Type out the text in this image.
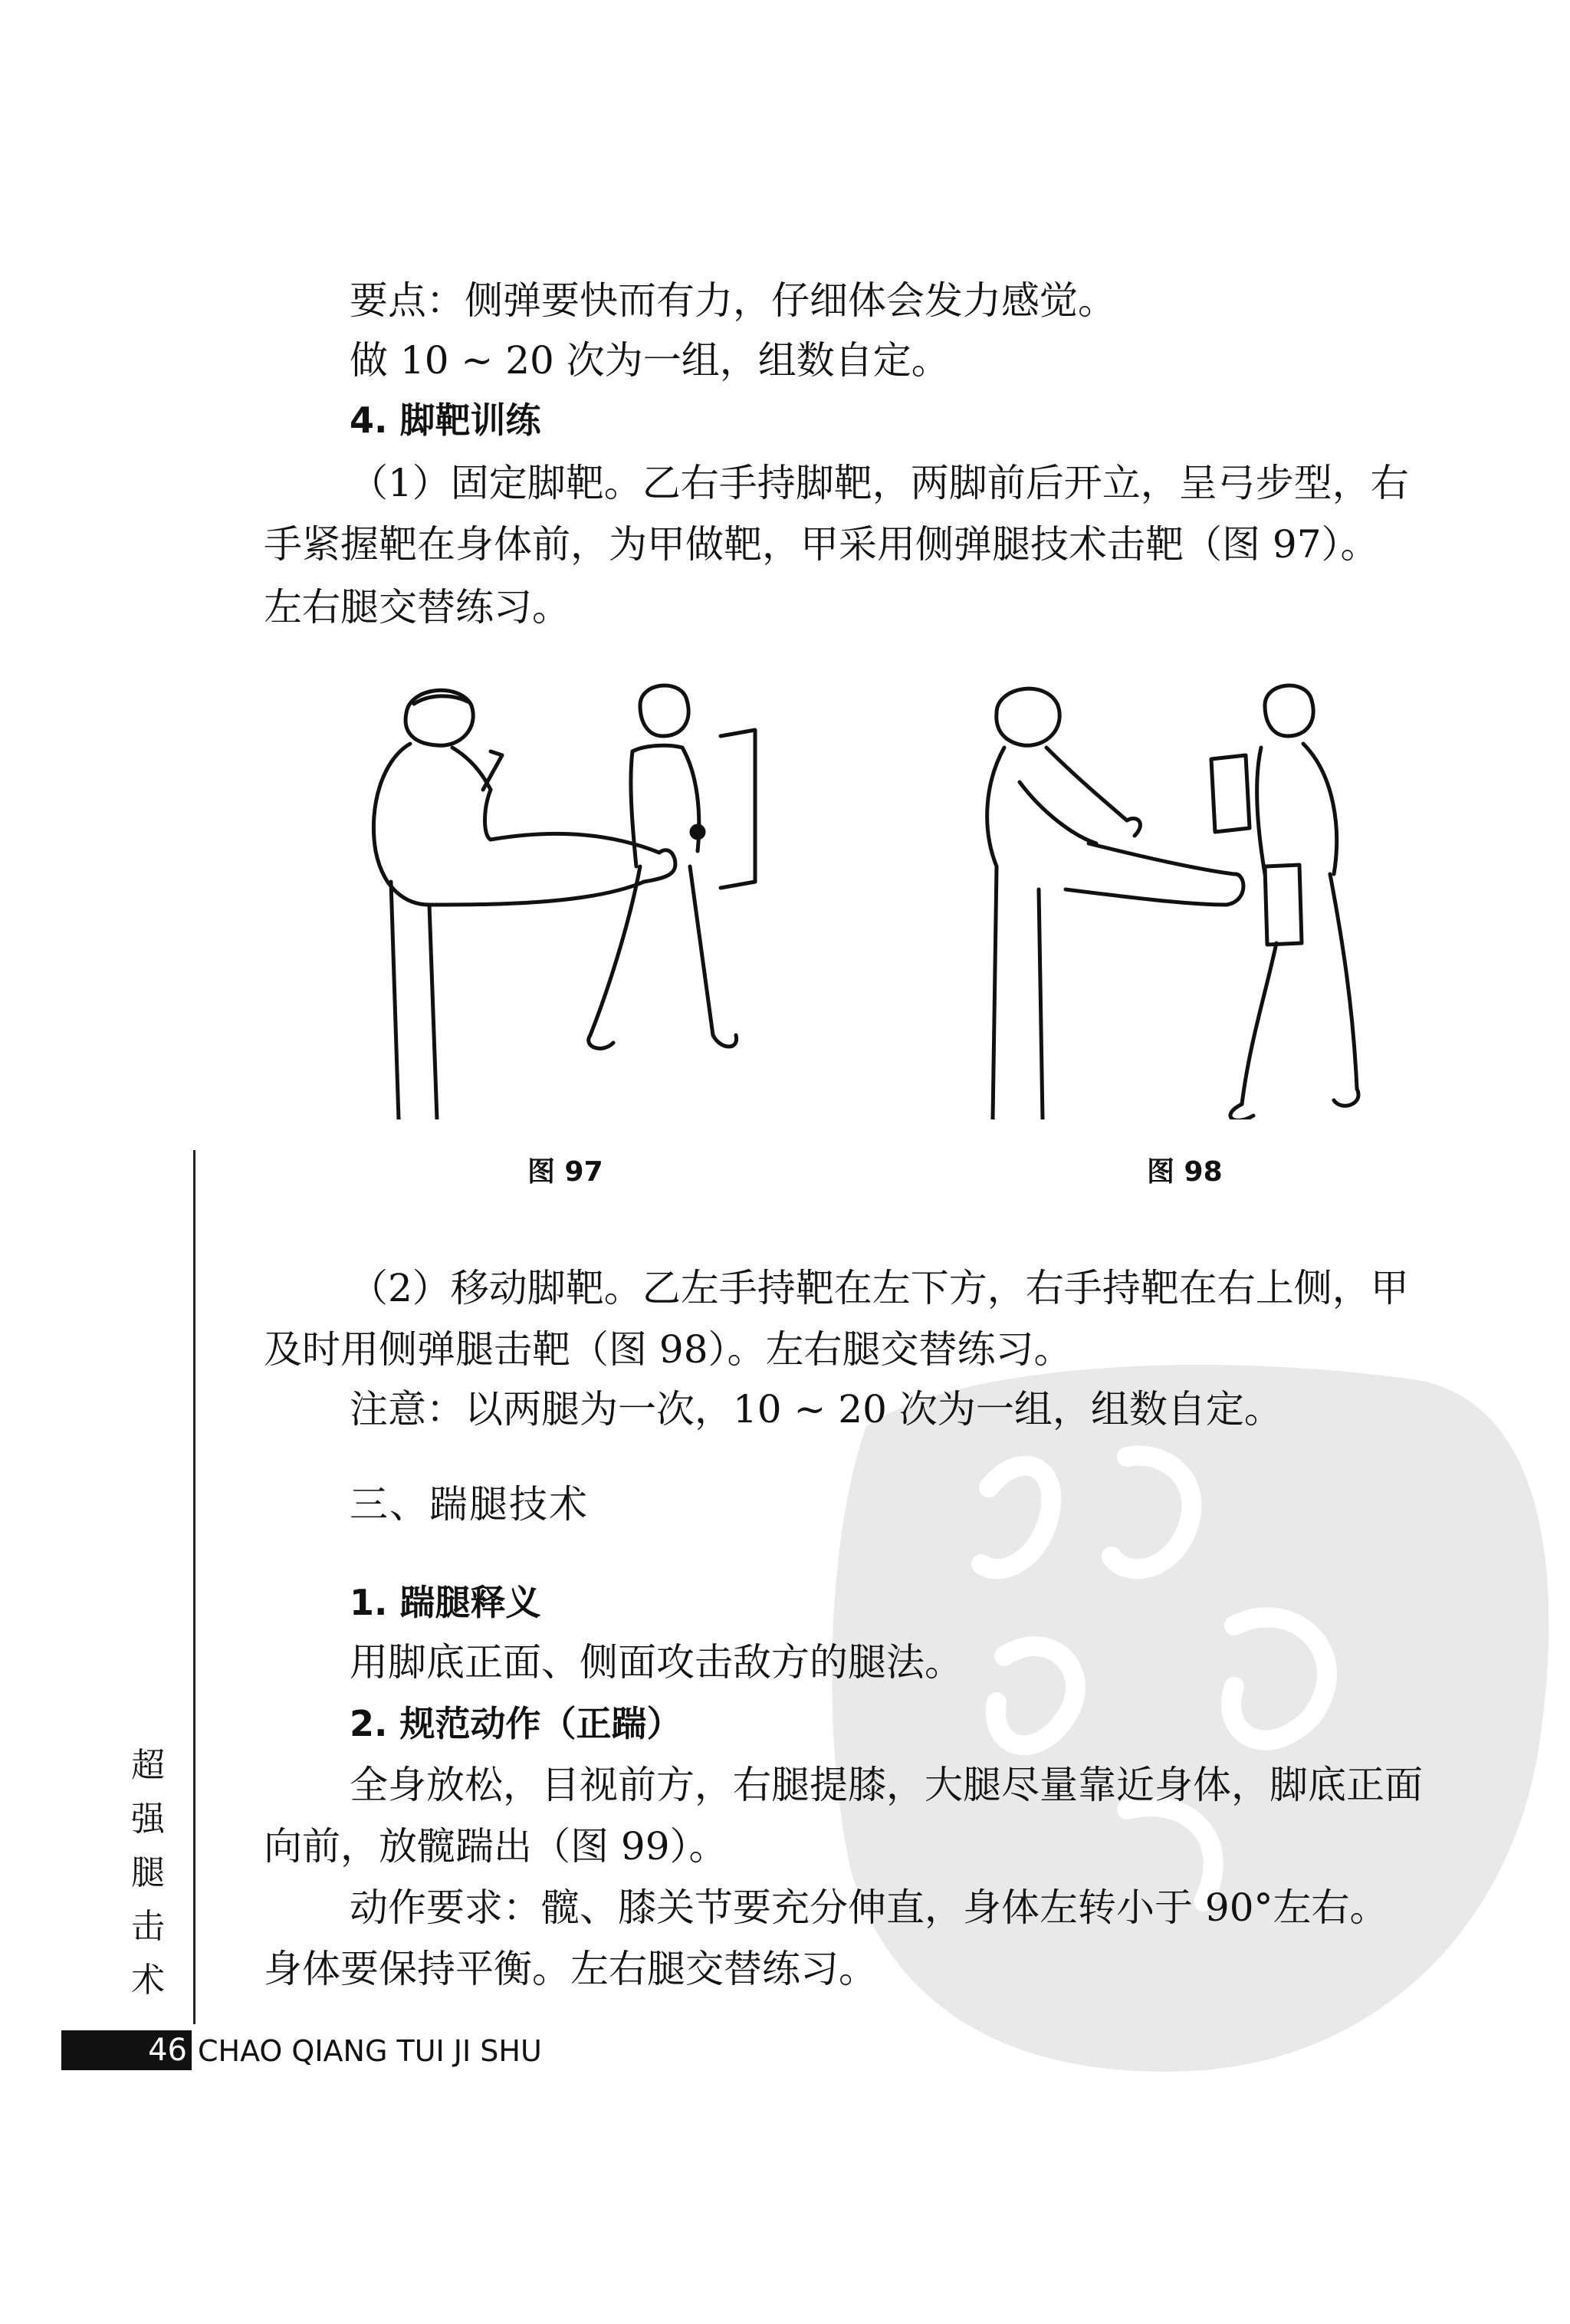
要点：侧弹要快而有力，仔细体会发力感觉。
做 10 ~ 20 次为一组，组数自定。
4. 脚靶训练
（1）固定脚靶。乙右手持脚靶，两脚前后开立，呈弓步型，右
手紧握靶在身体前，为甲做靶，甲采用侧弹腿技术击靶（图 97）。
左右腿交替练习。
图 97	图 98
（2）移动脚靶。乙左手持靶在左下方，右手持靶在右上侧，甲
及时用侧弹腿击靶（图 98）。左右腿交替练习。
注意：以两腿为一次，10 ~ 20 次为一组，组数自定。
三、踹腿技术
1. 踹腿释义
用脚底正面、侧面攻击敌方的腿法。
2. 规范动作（正踹）
全身放松，目视前方，右腿提膝，大腿尽量靠近身体，脚底正面
向前，放髋踹出（图 99）。
动作要求：髋、膝关节要充分伸直，身体左转小于 90°左右。
身体要保持平衡。左右腿交替练习。
超
强
腿
击
术
46 CHAO QIANG TUI JI SHU
